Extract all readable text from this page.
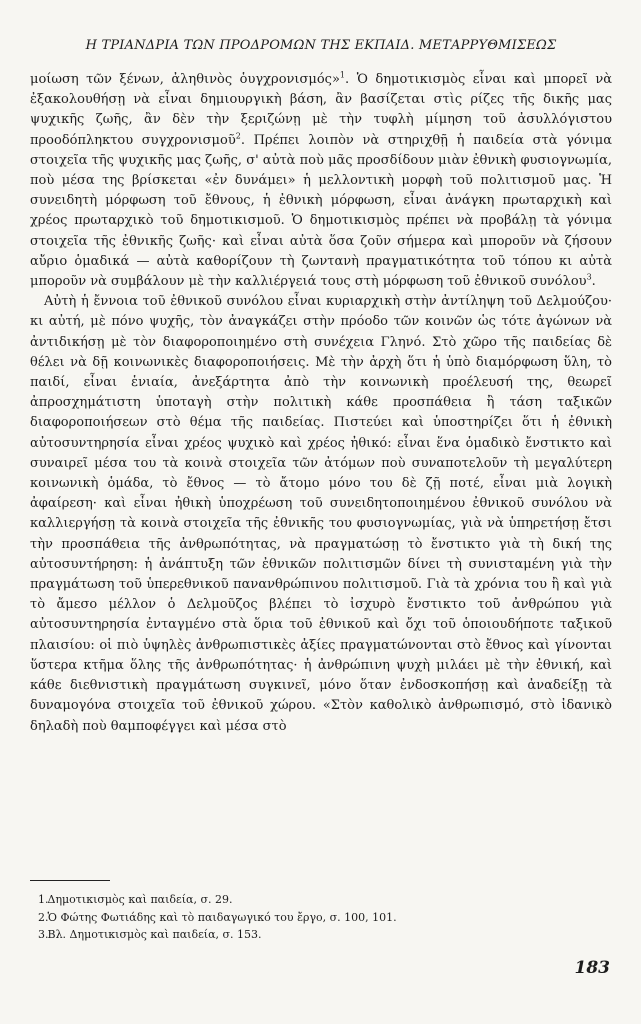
Η ΤΡΙΑΝΔΡΙΑ ΤΩΝ ΠΡΟΔΡΟΜΩΝ ΤΗΣ ΕΚΠΑΙΔ. ΜΕΤΑΡΡΥΘΜΙΣΕΩΣ

μοίωση τῶν ξένων, ἀληθινὸς ὁυγχρονισμός»$^1$. Ὁ δημοτικισμὸς εἶναι καὶ μπορεῖ νὰ ἐξακολουθήσῃ νὰ εἶναι δημιουργικὴ βάση, ἂν βασίζεται στὶς ρίζες τῆς δικῆς μας ψυχικῆς ζωῆς, ἂν δὲν τὴν ξεριζώνῃ μὲ τὴν τυφλὴ μίμηση τοῦ ἀσυλλόγιστου προοδόπληκτου συγχρονισμοῦ$^2$. Πρέπει λοιπὸν νὰ στηριχθῇ ἡ παιδεία στὰ γόνιμα στοιχεῖα τῆς ψυχικῆς μας ζωῆς, σ' αὐτὰ ποὺ μᾶς προσδίδουν μιὰν ἐθνικὴ φυσιογνωμία, ποὺ μέσα της βρίσκεται «ἐν δυνάμει» ἡ μελλοντικὴ μορφὴ τοῦ πολιτισμοῦ μας. Ἡ συνειδητὴ μόρφωση τοῦ ἔθνους, ἡ ἐθνικὴ μόρφωση, εἶναι ἀνάγκη πρωταρχικὴ καὶ χρέος πρωταρχικὸ τοῦ δημοτικισμοῦ. Ὁ δημοτικισμὸς πρέπει νὰ προβάλῃ τὰ γόνιμα στοιχεῖα τῆς ἐθνικῆς ζωῆς· καὶ εἶναι αὐτὰ ὅσα ζοῦν σήμερα καὶ μποροῦν νὰ ζήσουν αὔριο ὁμαδικά — αὐτὰ καθορίζουν τὴ ζωντανὴ πραγματικότητα τοῦ τόπου κι αὐτὰ μποροῦν νὰ συμβάλουν μὲ τὴν καλλιέργειά τους στὴ μόρφωση τοῦ ἐθνικοῦ συνόλου$^3$.

Αὐτὴ ἡ ἔννοια τοῦ ἐθνικοῦ συνόλου εἶναι κυριαρχικὴ στὴν ἀντίληψη τοῦ Δελμούζου· κι αὐτή, μὲ πόνο ψυχῆς, τὸν ἀναγκάζει στὴν πρόοδο τῶν κοινῶν ὡς τότε ἀγώνων νὰ ἀντιδικήσῃ μὲ τὸν διαφοροποιημένο στὴ συνέχεια Γληνό. Στὸ χῶρο τῆς παιδείας δὲ θέλει νὰ δῇ κοινωνικὲς διαφοροποιήσεις. Μὲ τὴν ἀρχὴ ὅτι ἡ ὑπὸ διαμόρφωση ὕλη, τὸ παιδί, εἶναι ἑνιαία, ἀνεξάρτητα ἀπὸ τὴν κοινωνικὴ προέλευσή της, θεωρεῖ ἀπροσχημάτιστη ὑποταγὴ στὴν πολιτικὴ κάθε προσπάθεια ἢ τάση ταξικῶν διαφοροποιήσεων στὸ θέμα τῆς παιδείας. Πιστεύει καὶ ὑποστηρίζει ὅτι ἡ ἐθνικὴ αὐτοσυντηρησία εἶναι χρέος ψυχικὸ καὶ χρέος ἠθικό: εἶναι ἕνα ὁμαδικὸ ἔνστικτο καὶ συναιρεῖ μέσα του τὰ κοινὰ στοιχεῖα τῶν ἀτόμων ποὺ συναποτελοῦν τὴ μεγαλύτερη κοινωνικὴ ὁμάδα, τὸ ἔθνος — τὸ ἄτομο μόνο του δὲ ζῇ ποτέ, εἶναι μιὰ λογικὴ ἀφαίρεση· καὶ εἶναι ἠθικὴ ὑποχρέωση τοῦ συνειδητοποιημένου ἐθνικοῦ συνόλου νὰ καλλιεργήσῃ τὰ κοινὰ στοιχεῖα τῆς ἐθνικῆς του φυσιογνωμίας, γιὰ νὰ ὑπηρετήσῃ ἔτσι τὴν προσπάθεια τῆς ἀνθρωπότητας, νὰ πραγματώσῃ τὸ ἔνστικτο γιὰ τὴ δική της αὐτοσυντήρηση: ἡ ἀνάπτυξη τῶν ἐθνικῶν πολιτισμῶν δίνει τὴ συνισταμένη γιὰ τὴν πραγμάτωση τοῦ ὑπερεθνικοῦ πανανθρώπινου πολιτισμοῦ. Γιὰ τὰ χρόνια του ἢ καὶ γιὰ τὸ ἄμεσο μέλλον ὁ Δελμοῦζος βλέπει τὸ ἰσχυρὸ ἔνστικτο τοῦ ἀνθρώπου γιὰ αὐτοσυντηρησία ἐνταγμένο στὰ ὅρια τοῦ ἐθνικοῦ καὶ ὄχι τοῦ ὁποιουδήποτε ταξικοῦ πλαισίου: οἱ πιὸ ὑψηλὲς ἀνθρωπιστικὲς ἀξίες πραγματώνονται στὸ ἔθνος καὶ γίνονται ὕστερα κτῆμα ὅλης τῆς ἀνθρωπότητας· ἡ ἀνθρώπινη ψυχὴ μιλάει μὲ τὴν ἐθνική, καὶ κάθε διεθνιστικὴ πραγμάτωση συγκινεῖ, μόνο ὅταν ἐνδοσκοπήσῃ καὶ ἀναδείξῃ τὰ δυναμογόνα στοιχεῖα τοῦ ἐθνικοῦ χώρου. «Στὸν καθολικὸ ἀνθρωπισμό, στὸ ἰδανικὸ δηλαδὴ ποὺ θαμποφέγγει καὶ μέσα στὸ

1. Δημοτικισμὸς καὶ παιδεία, σ. 29.
2. Ὁ Φώτης Φωτιάδης καὶ τὸ παιδαγωγικό του ἔργο, σ. 100, 101.
3. Βλ. Δημοτικισμὸς καὶ παιδεία, σ. 153.
183
